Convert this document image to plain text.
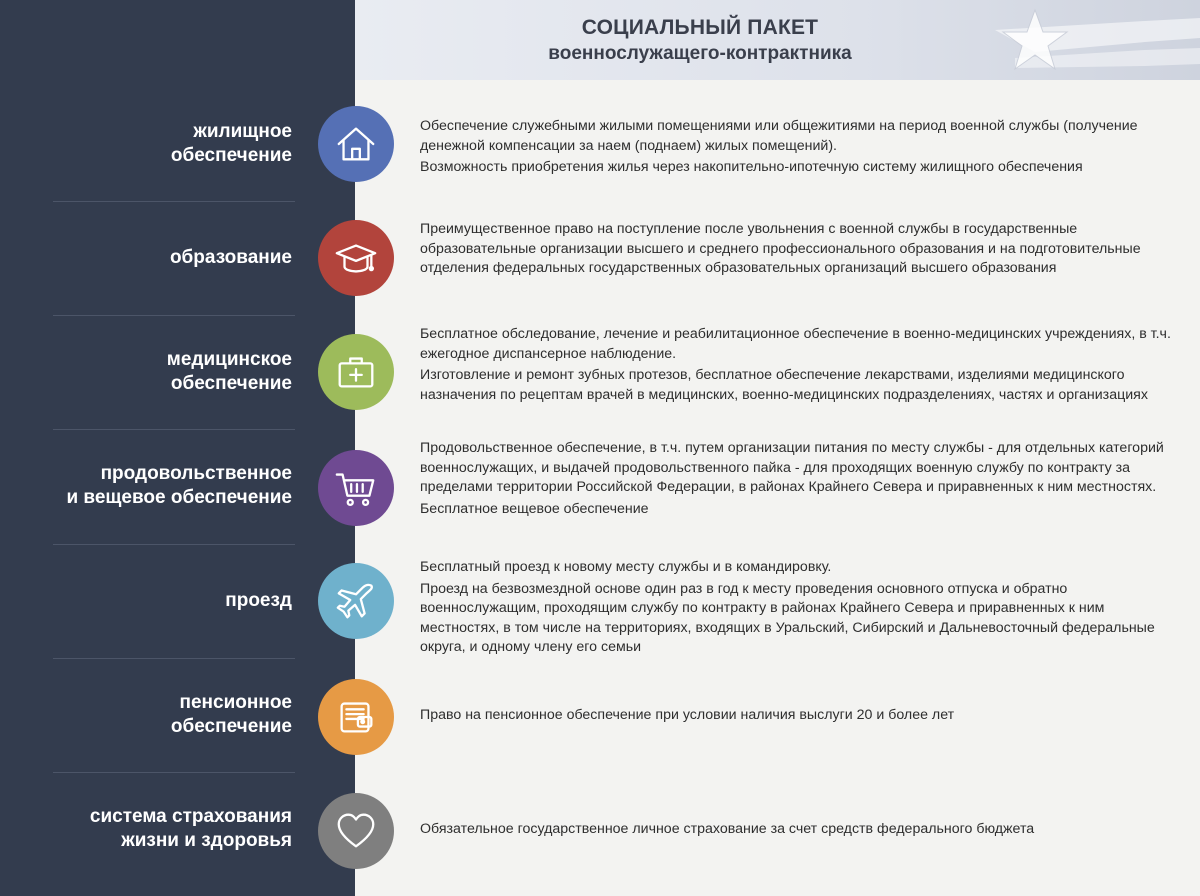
СОЦИАЛЬНЫЙ ПАКЕТ
военнослужащего-контрактника
жилищное
обеспечение

Обеспечение служебными жилыми помещениями или общежитиями на период военной службы (получение денежной компенсации за наем (поднаем) жилых помещений).

Возможность приобретения жилья через накопительно-ипотечную систему жилищного обеспечения

образование

Преимущественное право на поступление после увольнения с военной службы в государственные образовательные организации высшего и среднего профессионального образования и на подготовительные отделения федеральных государственных образовательных организаций высшего образования

медицинское
обеспечение

Бесплатное обследование, лечение и реабилитационное обеспечение в военно-медицинских учреждениях, в т.ч. ежегодное диспансерное наблюдение.

Изготовление и ремонт зубных протезов, бесплатное обеспечение лекарствами, изделиями медицинского назначения по рецептам врачей в медицинских, военно-медицинских подразделениях, частях и организациях

продовольственное
и вещевое обеспечение

Продовольственное обеспечение, в т.ч. путем организации питания по месту службы - для отдельных категорий военнослужащих, и выдачей продовольственного пайка - для проходящих военную службу по контракту за пределами территории Российской Федерации, в районах Крайнего Севера и приравненных к ним местностях.

Бесплатное вещевое обеспечение

проезд

Бесплатный проезд к новому месту службы и в командировку.

Проезд на безвозмездной основе один раз в год к месту проведения основного отпуска и обратно военнослужащим, проходящим службу по контракту в районах Крайнего Севера и приравненных к ним местностях, в том числе на территориях, входящих в Уральский, Сибирский и Дальневосточный федеральные округа, и одному члену его семьи

пенсионное
обеспечение

Право на пенсионное обеспечение при условии наличия выслуги 20 и более лет

система страхования
жизни и здоровья

Обязательное государственное личное страхование за счет средств федерального бюджета
